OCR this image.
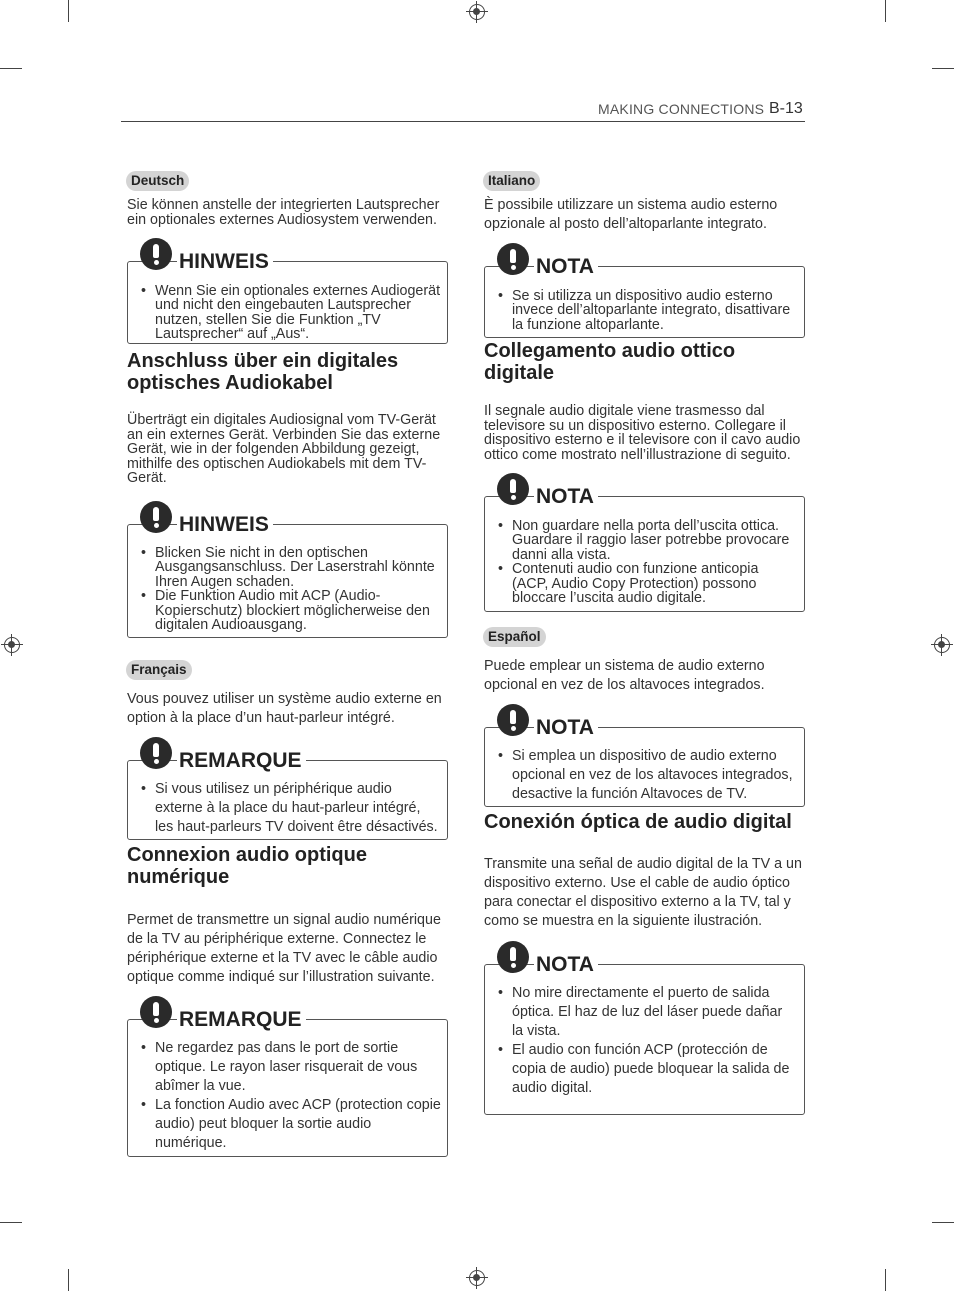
MAKING CONNECTIONS B-13
Deutsch
Sie können anstelle der integrierten Lautsprecher ein optionales externes Audiosystem verwenden.
HINWEIS
• Wenn Sie ein optionales externes Audiogerät und nicht den eingebauten Lautsprecher nutzen, stellen Sie die Funktion „TV Lautsprecher“ auf „Aus“.
Anschluss über ein digitales optisches Audiokabel
Überträgt ein digitales Audiosignal vom TV-Gerät an ein externes Gerät. Verbinden Sie das externe Gerät, wie in der folgenden Abbildung gezeigt, mithilfe des optischen Audiokabels mit dem TV-Gerät.
HINWEIS
• Blicken Sie nicht in den optischen Ausgangsanschluss. Der Laserstrahl könnte Ihren Augen schaden.
• Die Funktion Audio mit ACP (Audio-Kopierschutz) blockiert möglicherweise den digitalen Audioausgang.
Français
Vous pouvez utiliser un système audio externe en option à la place d’un haut-parleur intégré.
REMARQUE
• Si vous utilisez un périphérique audio externe à la place du haut-parleur intégré, les haut-parleurs TV doivent être désactivés.
Connexion audio optique numérique
Permet de transmettre un signal audio numérique de la TV au périphérique externe. Connectez le périphérique externe et la TV avec le câble audio optique comme indiqué sur l’illustration suivante.
REMARQUE
• Ne regardez pas dans le port de sortie optique. Le rayon laser risquerait de vous abîmer la vue.
• La fonction Audio avec ACP (protection copie audio) peut bloquer la sortie audio numérique.
Italiano
È possibile utilizzare un sistema audio esterno opzionale al posto dell’altoparlante integrato.
NOTA
• Se si utilizza un dispositivo audio esterno invece dell’altoparlante integrato, disattivare la funzione altoparlante.
Collegamento audio ottico digitale
Il segnale audio digitale viene trasmesso dal televisore su un dispositivo esterno. Collegare il dispositivo esterno e il televisore con il cavo audio ottico come mostrato nell’illustrazione di seguito.
NOTA
• Non guardare nella porta dell’uscita ottica. Guardare il raggio laser potrebbe provocare danni alla vista.
• Contenuti audio con funzione anticopia (ACP, Audio Copy Protection) possono bloccare l’uscita audio digitale.
Español
Puede emplear un sistema de audio externo opcional en vez de los altavoces integrados.
NOTA
• Si emplea un dispositivo de audio externo opcional en vez de los altavoces integrados, desactive la función Altavoces de TV.
Conexión óptica de audio digital
Transmite una señal de audio digital de la TV a un dispositivo externo. Use el cable de audio óptico para conectar el dispositivo externo a la TV, tal y como se muestra en la siguiente ilustración.
NOTA
• No mire directamente el puerto de salida óptica. El haz de luz del láser puede dañar la vista.
• El audio con función ACP (protección de copia de audio) puede bloquear la salida de audio digital.
